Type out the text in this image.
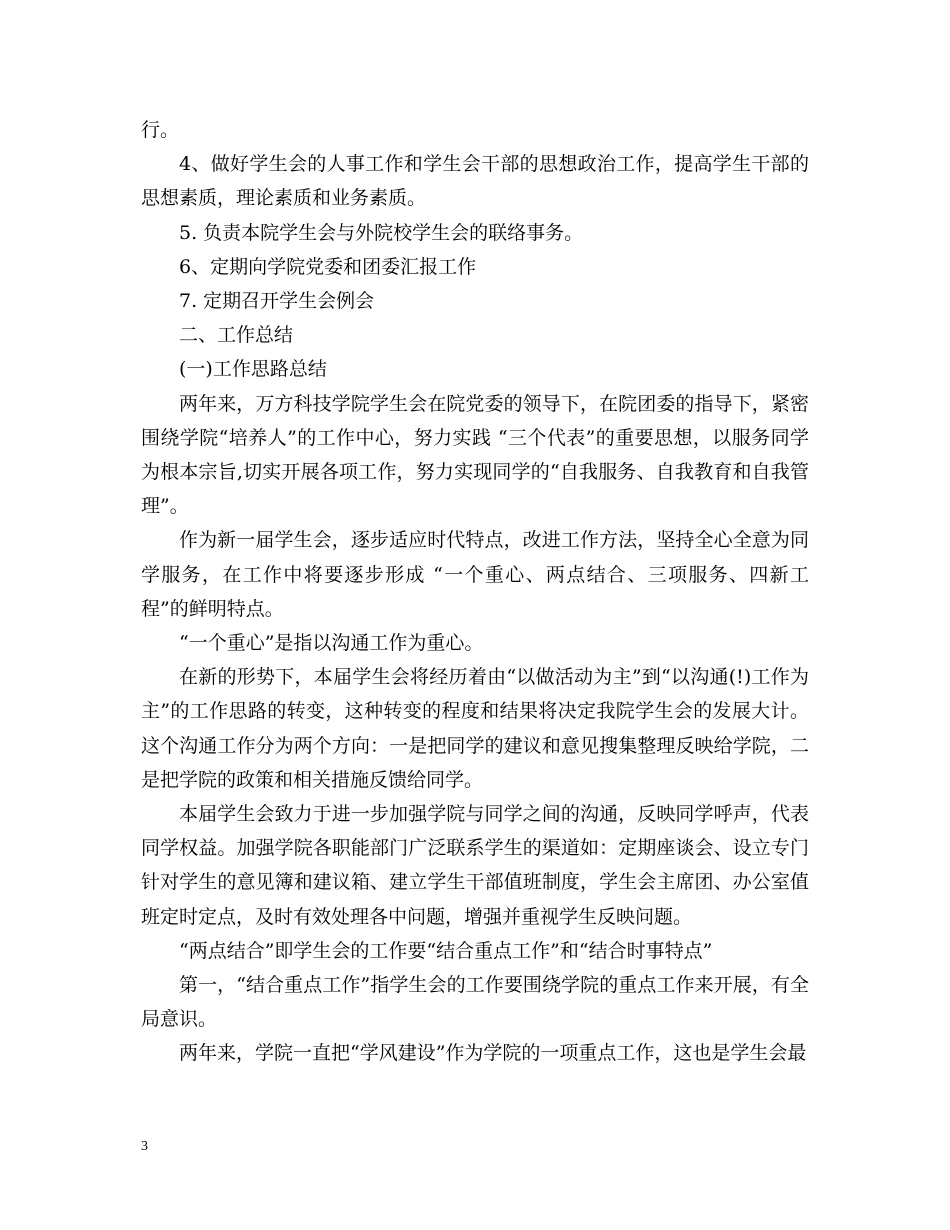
行。

4、做好学生会的人事工作和学生会干部的思想政治工作，提高学生干部的思想素质，理论素质和业务素质。

5. 负责本院学生会与外院校学生会的联络事务。

6、定期向学院党委和团委汇报工作

7. 定期召开学生会例会

二、工作总结

(一)工作思路总结

两年来，万方科技学院学生会在院党委的领导下，在院团委的指导下，紧密围绕学院“培养人”的工作中心，努力实践 “三个代表”的重要思想，以服务同学为根本宗旨,切实开展各项工作，努力实现同学的“自我服务、自我教育和自我管理”。

作为新一届学生会，逐步适应时代特点，改进工作方法，坚持全心全意为同学服务，在工作中将要逐步形成 “一个重心、两点结合、三项服务、四新工程”的鲜明特点。

“一个重心”是指以沟通工作为重心。

在新的形势下，本届学生会将经历着由“以做活动为主”到“以沟通(!)工作为主”的工作思路的转变，这种转变的程度和结果将决定我院学生会的发展大计。这个沟通工作分为两个方向：一是把同学的建议和意见搜集整理反映给学院，二是把学院的政策和相关措施反馈给同学。

本届学生会致力于进一步加强学院与同学之间的沟通，反映同学呼声，代表同学权益。加强学院各职能部门广泛联系学生的渠道如：定期座谈会、设立专门针对学生的意见簿和建议箱、建立学生干部值班制度，学生会主席团、办公室值班定时定点，及时有效处理各中问题，增强并重视学生反映问题。

“两点结合”即学生会的工作要“结合重点工作”和“结合时事特点”

第一，“结合重点工作”指学生会的工作要围绕学院的重点工作来开展，有全局意识。

两年来，学院一直把“学风建设”作为学院的一项重点工作，这也是学生会最

3
